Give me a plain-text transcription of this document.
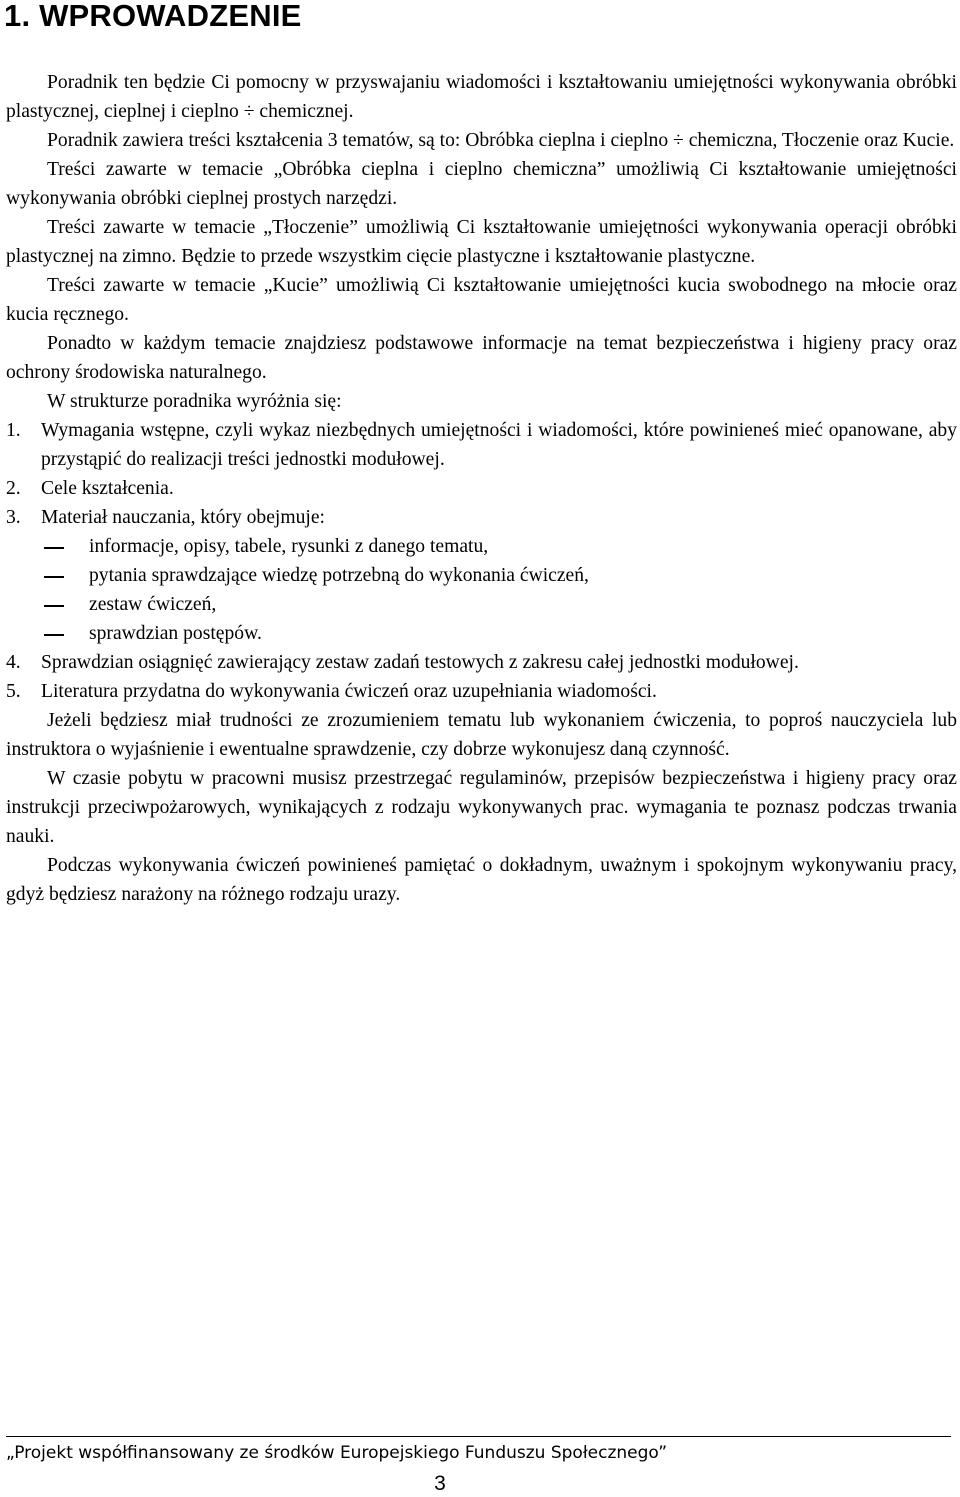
1. WPROWADZENIE

Poradnik ten będzie Ci pomocny w przyswajaniu wiadomości i kształtowaniu umiejętności wykonywania obróbki plastycznej, cieplnej i cieplno ÷ chemicznej.

Poradnik zawiera treści kształcenia 3 tematów, są to: Obróbka cieplna i cieplno ÷ chemiczna, Tłoczenie oraz Kucie.

Treści zawarte w temacie „Obróbka cieplna i cieplno chemiczna” umożliwią Ci kształtowanie umiejętności wykonywania obróbki cieplnej prostych narzędzi.

Treści zawarte w temacie „Tłoczenie” umożliwią Ci kształtowanie umiejętności wykonywania operacji obróbki plastycznej na zimno. Będzie to przede wszystkim cięcie plastyczne i kształtowanie plastyczne.

Treści zawarte w temacie „Kucie” umożliwią Ci kształtowanie umiejętności kucia swobodnego na młocie oraz kucia ręcznego.

Ponadto w każdym temacie znajdziesz podstawowe informacje na temat bezpieczeństwa i higieny pracy oraz ochrony środowiska naturalnego.

W strukturze poradnika wyróżnia się:

1. Wymagania wstępne, czyli wykaz niezbędnych umiejętności i wiadomości, które powinieneś mieć opanowane, aby przystąpić do realizacji treści jednostki modułowej.
2. Cele kształcenia.
3. Materiał nauczania, który obejmuje:
informacje, opisy, tabele, rysunki z danego tematu,
pytania sprawdzające wiedzę potrzebną do wykonania ćwiczeń,
zestaw ćwiczeń,
sprawdzian postępów.
4. Sprawdzian osiągnięć zawierający zestaw zadań testowych z zakresu całej jednostki modułowej.
5. Literatura przydatna do wykonywania ćwiczeń oraz uzupełniania wiadomości.

Jeżeli będziesz miał trudności ze zrozumieniem tematu lub wykonaniem ćwiczenia, to poproś nauczyciela lub instruktora o wyjaśnienie i ewentualne sprawdzenie, czy dobrze wykonujesz daną czynność.

W czasie pobytu w pracowni musisz przestrzegać regulaminów, przepisów bezpieczeństwa i higieny pracy oraz instrukcji przeciwpożarowych, wynikających z rodzaju wykonywanych prac. wymagania te poznasz podczas trwania nauki.

Podczas wykonywania ćwiczeń powinieneś pamiętać o dokładnym, uważnym i spokojnym wykonywaniu pracy, gdyż będziesz narażony na różnego rodzaju urazy.

„Projekt współfinansowany ze środków Europejskiego Funduszu Społecznego”
3
